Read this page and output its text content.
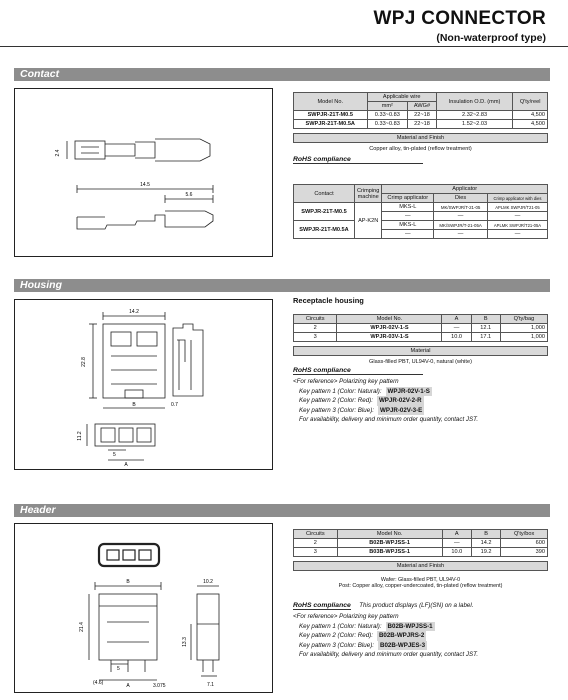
WPJ CONNECTOR
(Non-waterproof type)
Contact
2.4
14.5
5.6
Model No.	Applicable wire		Insulation O.D. (mm)	Q'ty/reel
	mm²	AWG#		
SWPJR-21T-M0.5	0.33~0.83	22~18	2.32~2.83	4,500
SWPJR-21T-M0.5A	0.33~0.83	22~18	1.52~2.03	4,500
Material and Finish
Copper alloy, tin-plated (reflow treatment)
RoHS compliance
Contact	Crimping machine	Applicator		
		Crimp applicator	Dies	Crimp applicator with dies
SWPJR-21T-M0.5	AP-K2N	MKS-L	MK/SWPJR/T-21-05	APLMK SWPJR/T21-05
		—	—	—
SWPJR-21T-M0.5A		MKS-L	MK/SWPJR/T-21-05A	APLMK SWPJR/T21-05A
		—	—	—
Housing
14.2
22.8
B	0.7
11.2
5
A
Receptacle housing
Circuits	Model No.	A	B	Q'ty/bag
2	WPJR-02V-1-S	—	12.1	1,000
3	WPJR-03V-1-S	10.0	17.1	1,000
Material
Glass-filled PBT, UL94V-0, natural (white)
RoHS compliance
<For reference> Polarizing key pattern
Key pattern 1 (Color: Natural): WPJR-02V-1-S
Key pattern 2 (Color: Red): WPJR-02V-2-R
Key pattern 3 (Color: Blue): WPJR-02V-3-E
For availability, delivery and minimum order quantity, contact JST.
Header
B	10.2
21.4
13.3
5
(4.6)	A	3.075	7.1
Circuits	Model No.	A	B	Q'ty/box
2	B02B-WPJSS-1	—	14.2	600
3	B03B-WPJSS-1	10.0	19.2	390
Material and Finish
Wafer: Glass-filled PBT, UL94V-0
Post: Copper alloy, copper-undercoated, tin-plated (reflow treatment)
RoHS compliance This product displays (LF)(SN) on a label.
<For reference> Polarizing key pattern
Key pattern 1 (Color: Natural): B02B-WPJSS-1
Key pattern 2 (Color: Red): B02B-WPJRS-2
Key pattern 3 (Color: Blue): B02B-WPJES-3
For availability, delivery and minimum order quantity, contact JST.
